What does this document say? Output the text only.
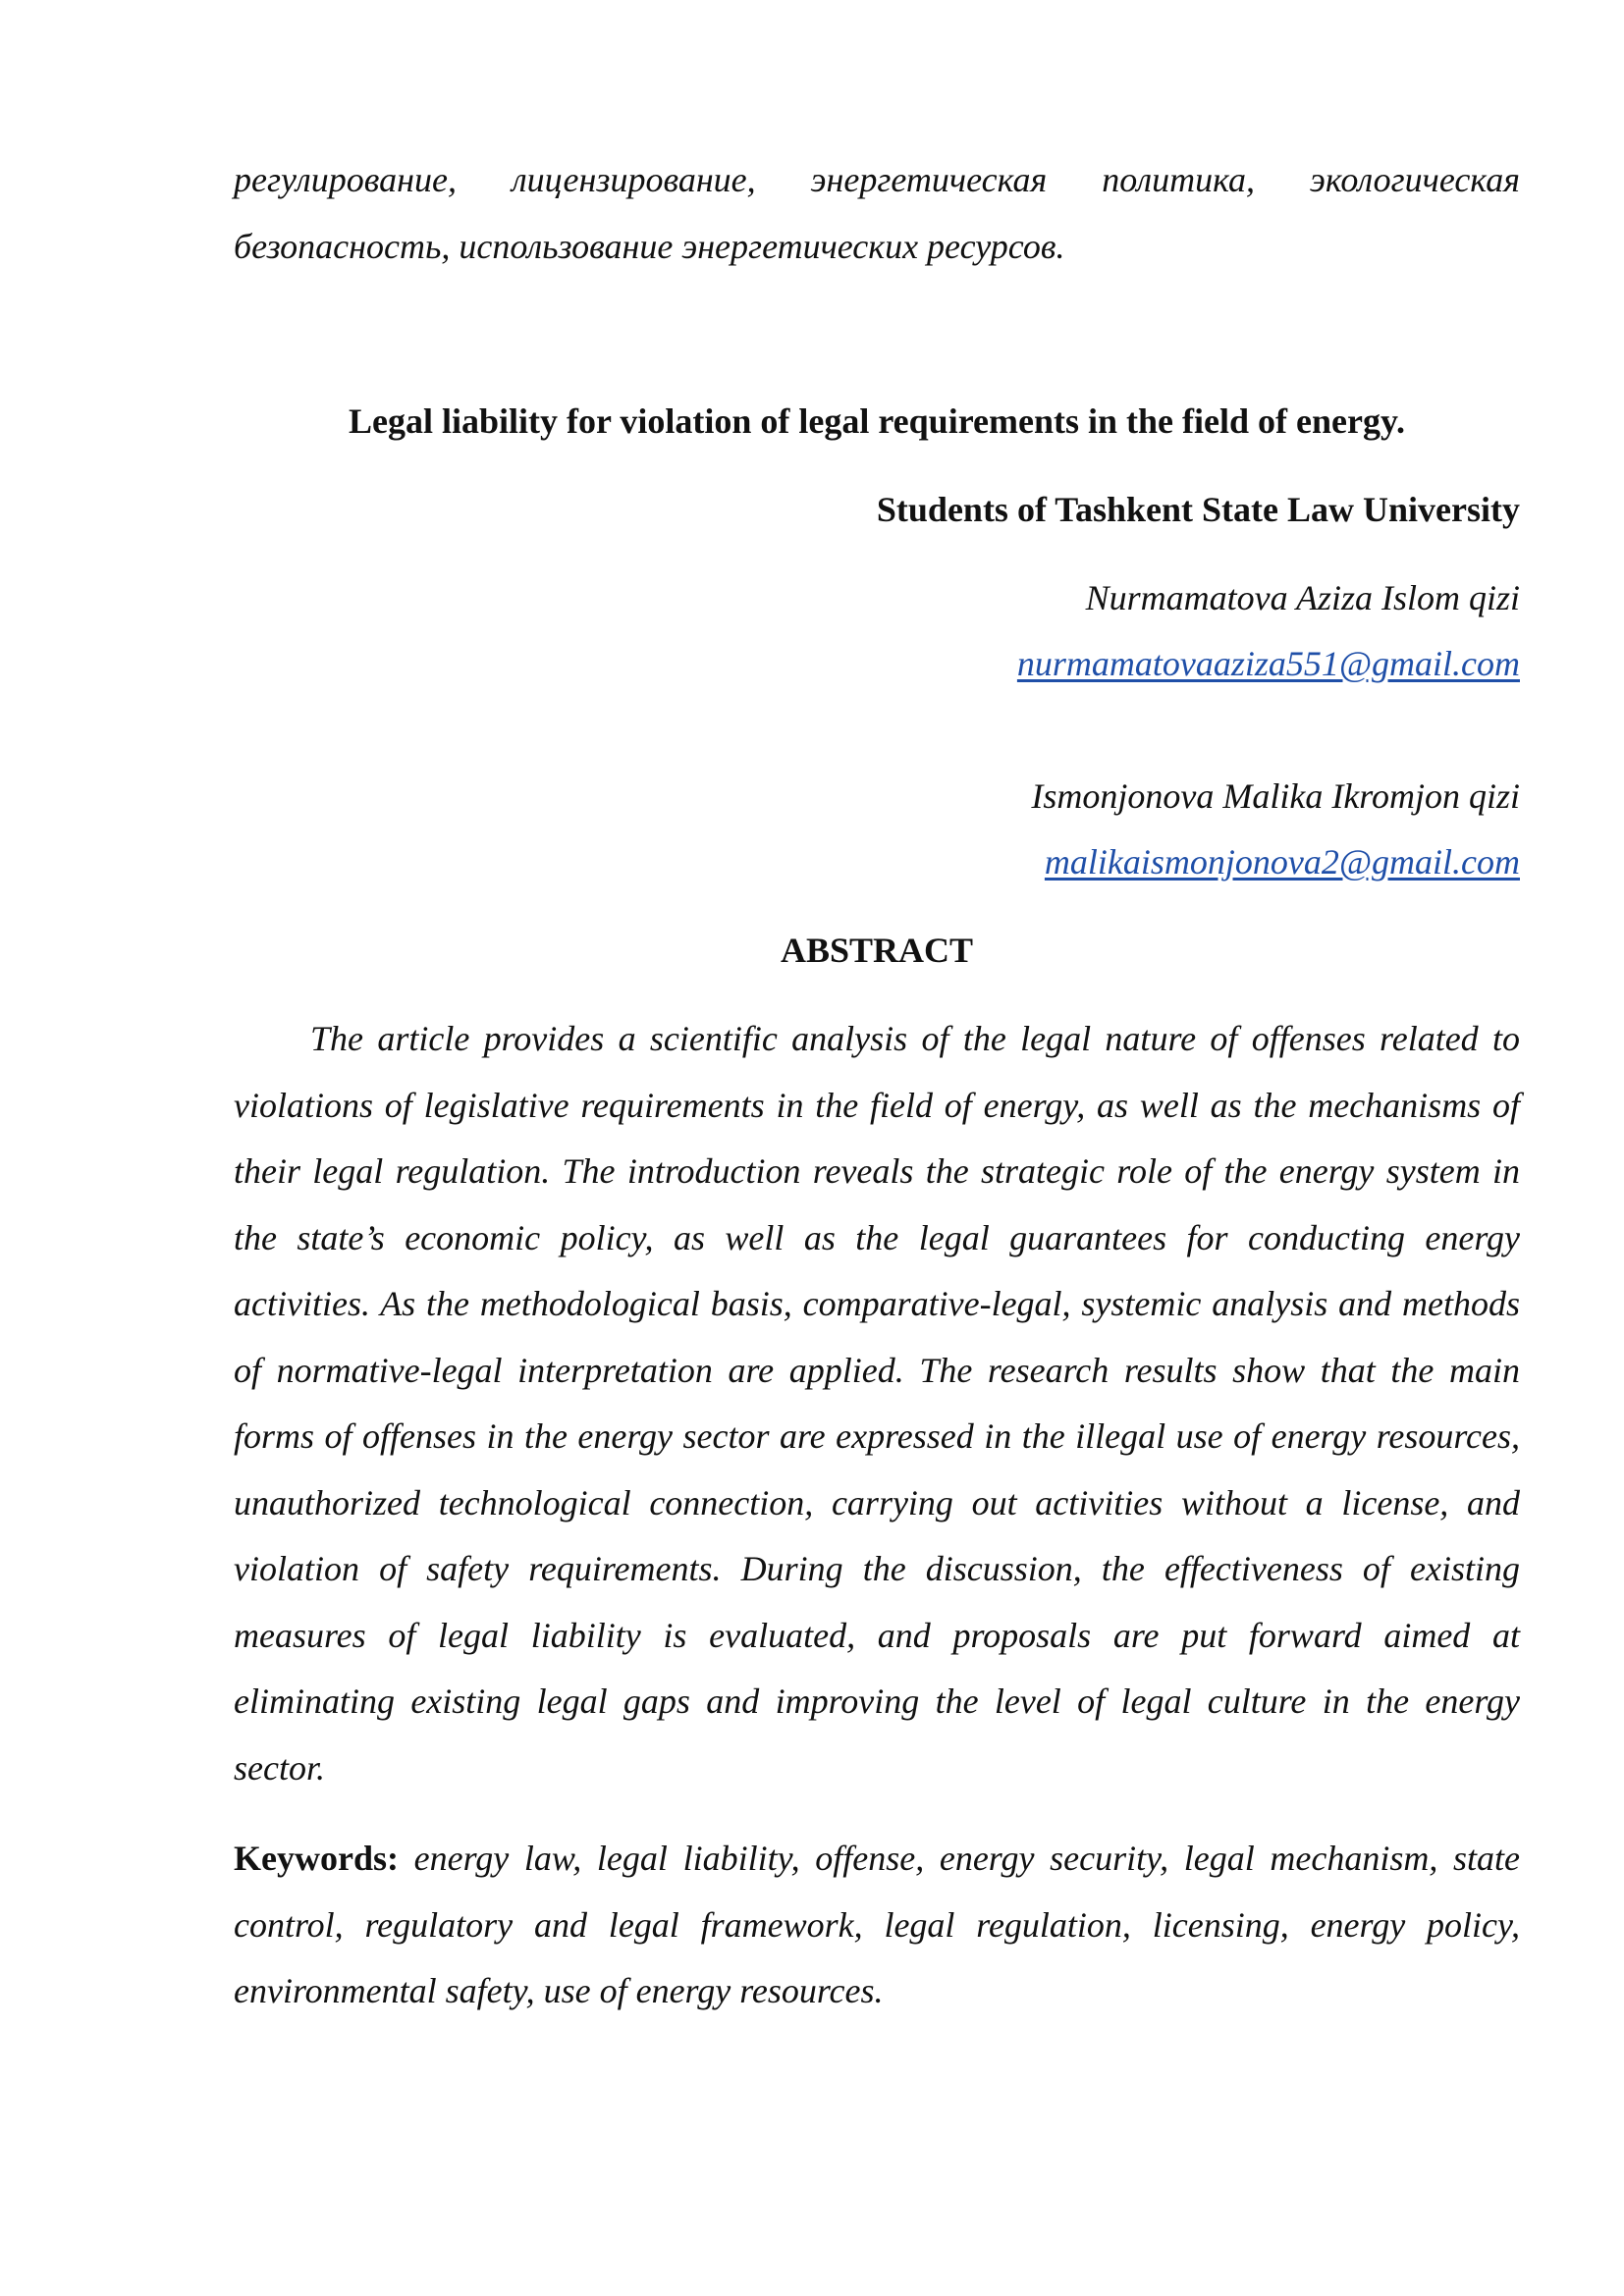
регулирование, лицензирование, энергетическая политика, экологическая безопасность, использование энергетических ресурсов.

Legal liability for violation of legal requirements in the field of energy.
Students of Tashkent State Law University
Nurmamatova Aziza Islom qizi
nurmamatovaaziza551@gmail.com
Ismonjonova Malika Ikromjon qizi
malikaismonjonova2@gmail.com
ABSTRACT

The article provides a scientific analysis of the legal nature of offenses related to violations of legislative requirements in the field of energy, as well as the mechanisms of their legal regulation. The introduction reveals the strategic role of the energy system in the state’s economic policy, as well as the legal guarantees for conducting energy activities. As the methodological basis, comparative-legal, systemic analysis and methods of normative-legal interpretation are applied. The research results show that the main forms of offenses in the energy sector are expressed in the illegal use of energy resources, unauthorized technological connection, carrying out activities without a license, and violation of safety requirements. During the discussion, the effectiveness of existing measures of legal liability is evaluated, and proposals are put forward aimed at eliminating existing legal gaps and improving the level of legal culture in the energy sector.

Keywords: energy law, legal liability, offense, energy security, legal mechanism, state control, regulatory and legal framework, legal regulation, licensing, energy policy, environmental safety, use of energy resources.
